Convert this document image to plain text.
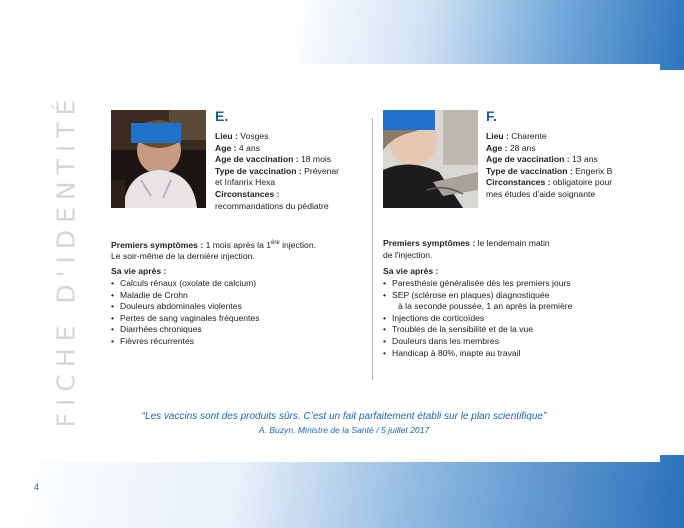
FICHE D'IDENTITÉ	E.
Lieu : Vosges
Age : 4 ans
Age de vaccination : 18 mois
Type de vaccination : Prévenar
et Infanrix Hexa
Circonstances :
recommandations du pédiatre
Premiers symptômes : 1 mois après la 1ère injection.
Le soir-même de la dernière injection.
Sa vie après :
• Calculs rénaux (oxolate de calcium)
• Maladie de Crohn
• Douleurs abdominales violentes
• Pertes de sang vaginales fréquentes
• Diarrhées chroniques
• Fièvres récurrentes
F.
Lieu : Charente
Age : 28 ans
Age de vaccination : 13 ans
Type de vaccination : Engerix B
Circonstances : obligatoire pour
mes études d'aide soignante
Premiers symptômes : le lendemain matin
de l'injection.
Sa vie après :
• Paresthésie généralisée dès les premiers jours
• SEP (sclérose en plaques) diagnostiquée
à la seconde poussée, 1 an après la première
• Injections de corticoïdes
• Troubles de la sensibilité et de la vue
• Douleurs dans les membres
• Handicap à 80%, inapte au travail
“Les vaccins sont des produits sûrs. C’est un fait parfaitement établi sur le plan scientifique”
A. Buzyn, Ministre de la Santé / 5 juillet 2017
4
